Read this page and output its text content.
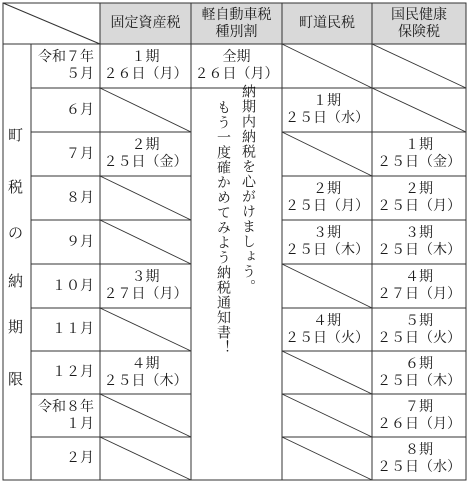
固定資産税
軽自動車税
種別割
町道民税
国民健康
保険税
町
税
の
納
期
限
令和７年
５月
６月
７月
８月
９月
１０月
１１月
１２月
令和８年
１月
２月
１期
２６日（月）
２期
２５日（金）
３期
２７日（月）
４期
２５日（木）
１期
２５日（水）
２期
２５日（月）
３期
２５日（木）
４期
２５日（火）
１期
２５日（金）
２期
２５日（月）
３期
２５日（木）
４期
２７日（月）
５期
２５日（火）
６期
２５日（木）
７期
２６日（月）
８期
２５日（水）
全期
２６日（月）
納期内納税を心がけましょう。
もう一度確かめてみよう納税通知書！
